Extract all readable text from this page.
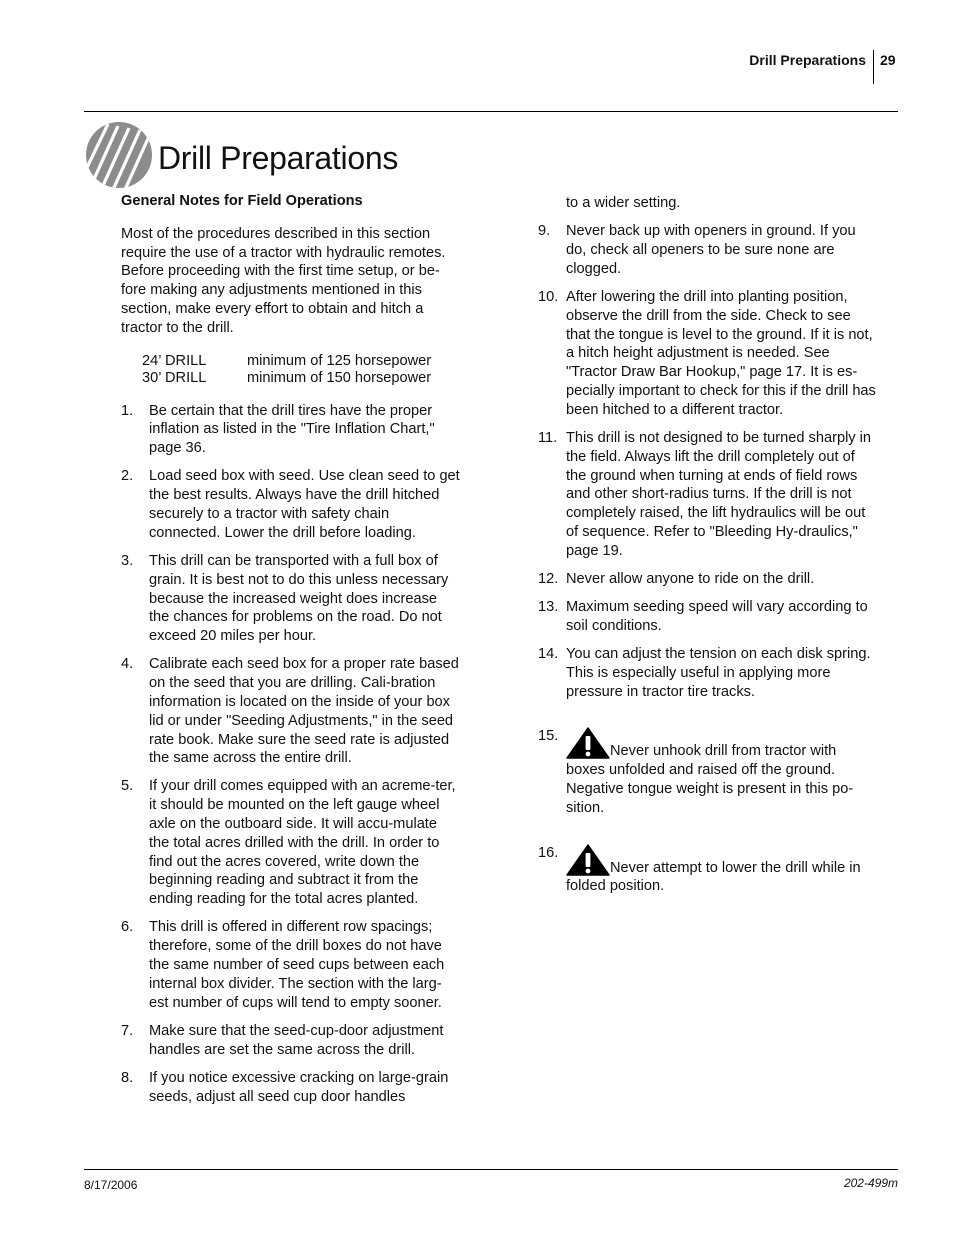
Drill Preparations 29
Drill Preparations
General Notes for Field Operations

Most of the procedures described in this section require the use of a tractor with hydraulic remotes. Before proceeding with the first time setup, or be-fore making any adjustments mentioned in this section, make every effort to obtain and hitch a tractor to the drill.

24’ DRILL	minimum of 125 horsepower
30’ DRILL	minimum of 150 horsepower
1. Be certain that the drill tires have the proper inflation as listed in the "Tire Inflation Chart," page 36.
2. Load seed box with seed. Use clean seed to get the best results. Always have the drill hitched securely to a tractor with safety chain connected. Lower the drill before loading.
3. This drill can be transported with a full box of grain. It is best not to do this unless necessary because the increased weight does increase the chances for problems on the road. Do not exceed 20 miles per hour.
4. Calibrate each seed box for a proper rate based on the seed that you are drilling. Cali-bration information is located on the inside of your box lid or under "Seeding Adjustments," in the seed rate book. Make sure the seed rate is adjusted the same across the entire drill.
5. If your drill comes equipped with an acreme-ter, it should be mounted on the left gauge wheel axle on the outboard side. It will accu-mulate the total acres drilled with the drill. In order to find out the acres covered, write down the beginning reading and subtract it from the ending reading for the total acres planted.
6. This drill is offered in different row spacings; therefore, some of the drill boxes do not have the same number of seed cups between each internal box divider. The section with the larg-est number of cups will tend to empty sooner.
7. Make sure that the seed-cup-door adjustment handles are set the same across the drill.
8. If you notice excessive cracking on large-grain seeds, adjust all seed cup door handles
to a wider setting.
9. Never back up with openers in ground. If you do, check all openers to be sure none are clogged.
10. After lowering the drill into planting position, observe the drill from the side. Check to see that the tongue is level to the ground. If it is not, a hitch height adjustment is needed. See "Tractor Draw Bar Hookup," page 17. It is es-pecially important to check for this if the drill has been hitched to a different tractor.
11. This drill is not designed to be turned sharply in the field. Always lift the drill completely out of the ground when turning at ends of field rows and other short-radius turns. If the drill is not completely raised, the lift hydraulics will be out of sequence. Refer to "Bleeding Hy-draulics," page 19.
12. Never allow anyone to ride on the drill.
13. Maximum seeding speed will vary according to soil conditions.
14. You can adjust the tension on each disk spring. This is especially useful in applying more pressure in tractor tire tracks.
15.
Never unhook drill from tractor with boxes unfolded and raised off the ground. Negative tongue weight is present in this po-sition.
16.
Never attempt to lower the drill while in folded position.
8/17/2006	202-499m
